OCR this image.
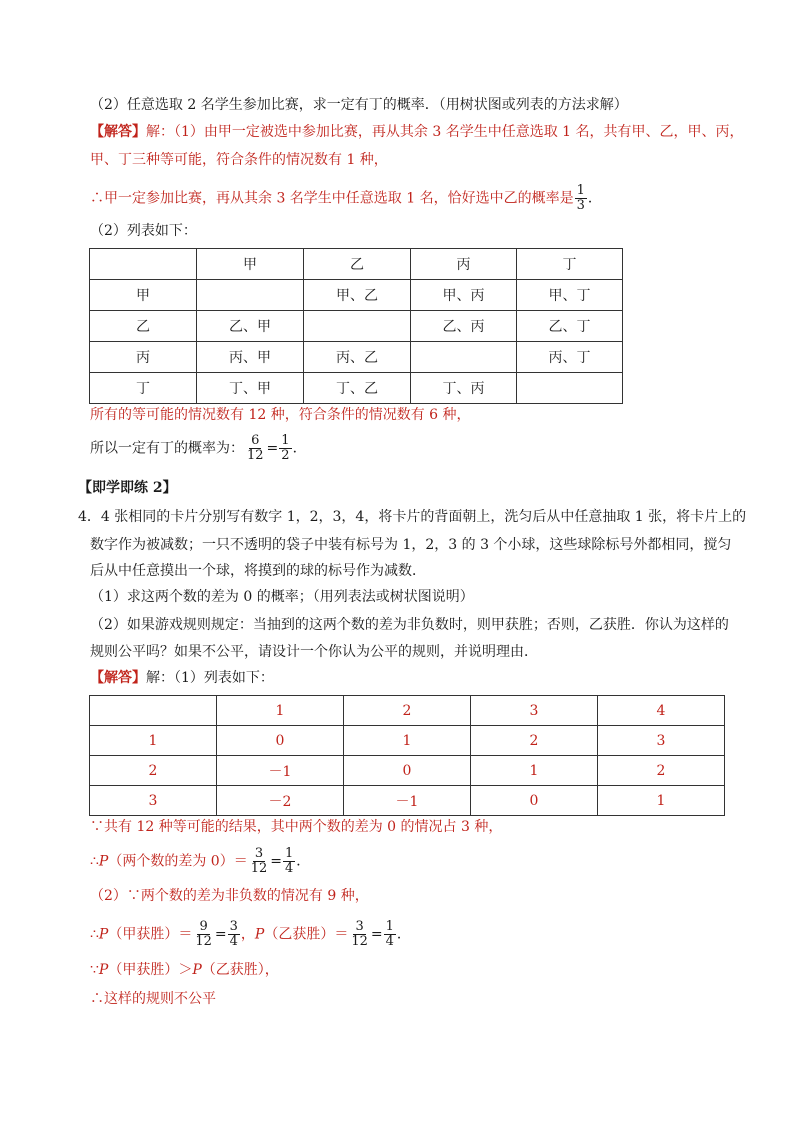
（2）任意选取 2 名学生参加比赛，求一定有丁的概率．（用树状图或列表的方法求解）
【解答】解：（1）由甲一定被选中参加比赛，再从其余 3 名学生中任意选取 1 名，共有甲、乙，甲、丙，
甲、丁三种等可能，符合条件的情况数有 1 种，
∴甲一定参加比赛，再从其余 3 名学生中任意选取 1 名，恰好选中乙的概率是 $\frac{1}{3}$ ．
（2）列表如下：
	甲	乙	丙	丁
甲		甲、乙	甲、丙	甲、丁
乙	乙、甲		乙、丙	乙、丁
丙	丙、甲	丙、乙		丙、丁
丁	丁、甲	丁、乙	丁、丙	
所有的等可能的情况数有 12 种，符合条件的情况数有 6 种，
所以一定有丁的概率为： $\frac{6}{12} = \frac{1}{2}$ ．
【即学即练 2】
4．4 张相同的卡片分别写有数字 1，2，3，4，将卡片的背面朝上，洗匀后从中任意抽取 1 张，将卡片上的
数字作为被减数；一只不透明的袋子中装有标号为 1，2，3 的 3 个小球，这些球除标号外都相同，搅匀
后从中任意摸出一个球，将摸到的球的标号作为减数．
（1）求这两个数的差为 0 的概率；（用列表法或树状图说明）
（2）如果游戏规则规定：当抽到的这两个数的差为非负数时，则甲获胜；否则，乙获胜．你认为这样的
规则公平吗？如果不公平，请设计一个你认为公平的规则，并说明理由．
【解答】解：（1）列表如下：
	1	2	3	4
1	0	1	2	3
2	－1	0	1	2
3	－2	－1	0	1
∵共有 12 种等可能的结果，其中两个数的差为 0 的情况占 3 种，
∴P（两个数的差为 $0)= \frac{3}{12} = \frac{1}{4}$ ．
（2）∵两个数的差为非负数的情况有 9 种，
∴P（甲获胜）＝ $\frac{9}{12} = \frac{3}{4}$ ，P（乙获胜）＝ $\frac{3}{12} = \frac{1}{4}$ ．
∵P（甲获胜）＞P（乙获胜），
∴这样的规则不公平
